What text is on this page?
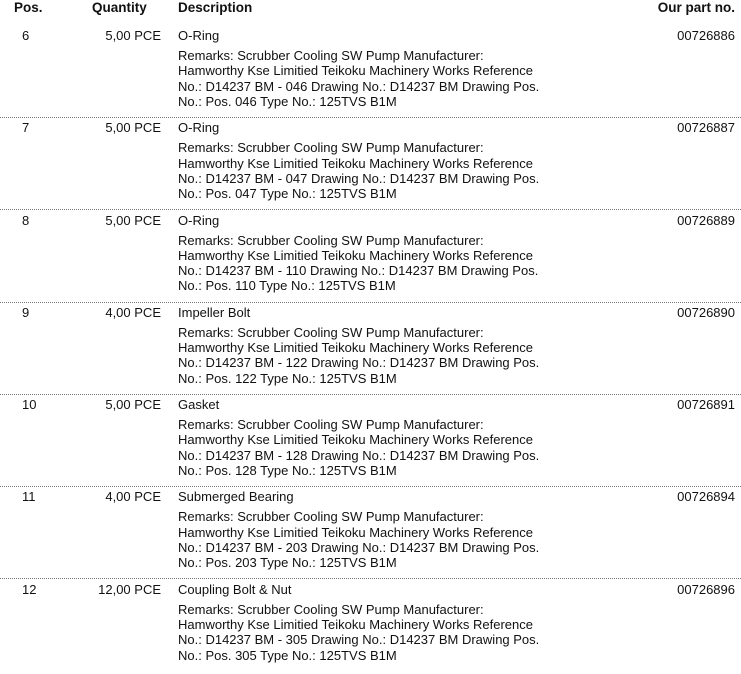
Pos.	Quantity Description	Our part no.
6	5,00 PCE O-Ring	00726886
Remarks: Scrubber Cooling SW Pump Manufacturer:
Hamworthy Kse Limitied Teikoku Machinery Works Reference
No.: D14237 BM - 046 Drawing No.: D14237 BM Drawing Pos.
No.: Pos. 046 Type No.: 125TVS B1M
7	5,00 PCE O-Ring	00726887
Remarks: Scrubber Cooling SW Pump Manufacturer:
Hamworthy Kse Limitied Teikoku Machinery Works Reference
No.: D14237 BM - 047 Drawing No.: D14237 BM Drawing Pos.
No.: Pos. 047 Type No.: 125TVS B1M
8	5,00 PCE O-Ring	00726889
Remarks: Scrubber Cooling SW Pump Manufacturer:
Hamworthy Kse Limitied Teikoku Machinery Works Reference
No.: D14237 BM - 110 Drawing No.: D14237 BM Drawing Pos.
No.: Pos. 110 Type No.: 125TVS B1M
9	4,00 PCE Impeller Bolt	00726890
Remarks: Scrubber Cooling SW Pump Manufacturer:
Hamworthy Kse Limitied Teikoku Machinery Works Reference
No.: D14237 BM - 122 Drawing No.: D14237 BM Drawing Pos.
No.: Pos. 122 Type No.: 125TVS B1M
10	5,00 PCE Gasket	00726891
Remarks: Scrubber Cooling SW Pump Manufacturer:
Hamworthy Kse Limitied Teikoku Machinery Works Reference
No.: D14237 BM - 128 Drawing No.: D14237 BM Drawing Pos.
No.: Pos. 128 Type No.: 125TVS B1M
11	4,00 PCE Submerged Bearing	00726894
Remarks: Scrubber Cooling SW Pump Manufacturer:
Hamworthy Kse Limitied Teikoku Machinery Works Reference
No.: D14237 BM - 203 Drawing No.: D14237 BM Drawing Pos.
No.: Pos. 203 Type No.: 125TVS B1M
12	12,00 PCE Coupling Bolt & Nut	00726896
Remarks: Scrubber Cooling SW Pump Manufacturer:
Hamworthy Kse Limitied Teikoku Machinery Works Reference
No.: D14237 BM - 305 Drawing No.: D14237 BM Drawing Pos.
No.: Pos. 305 Type No.: 125TVS B1M
